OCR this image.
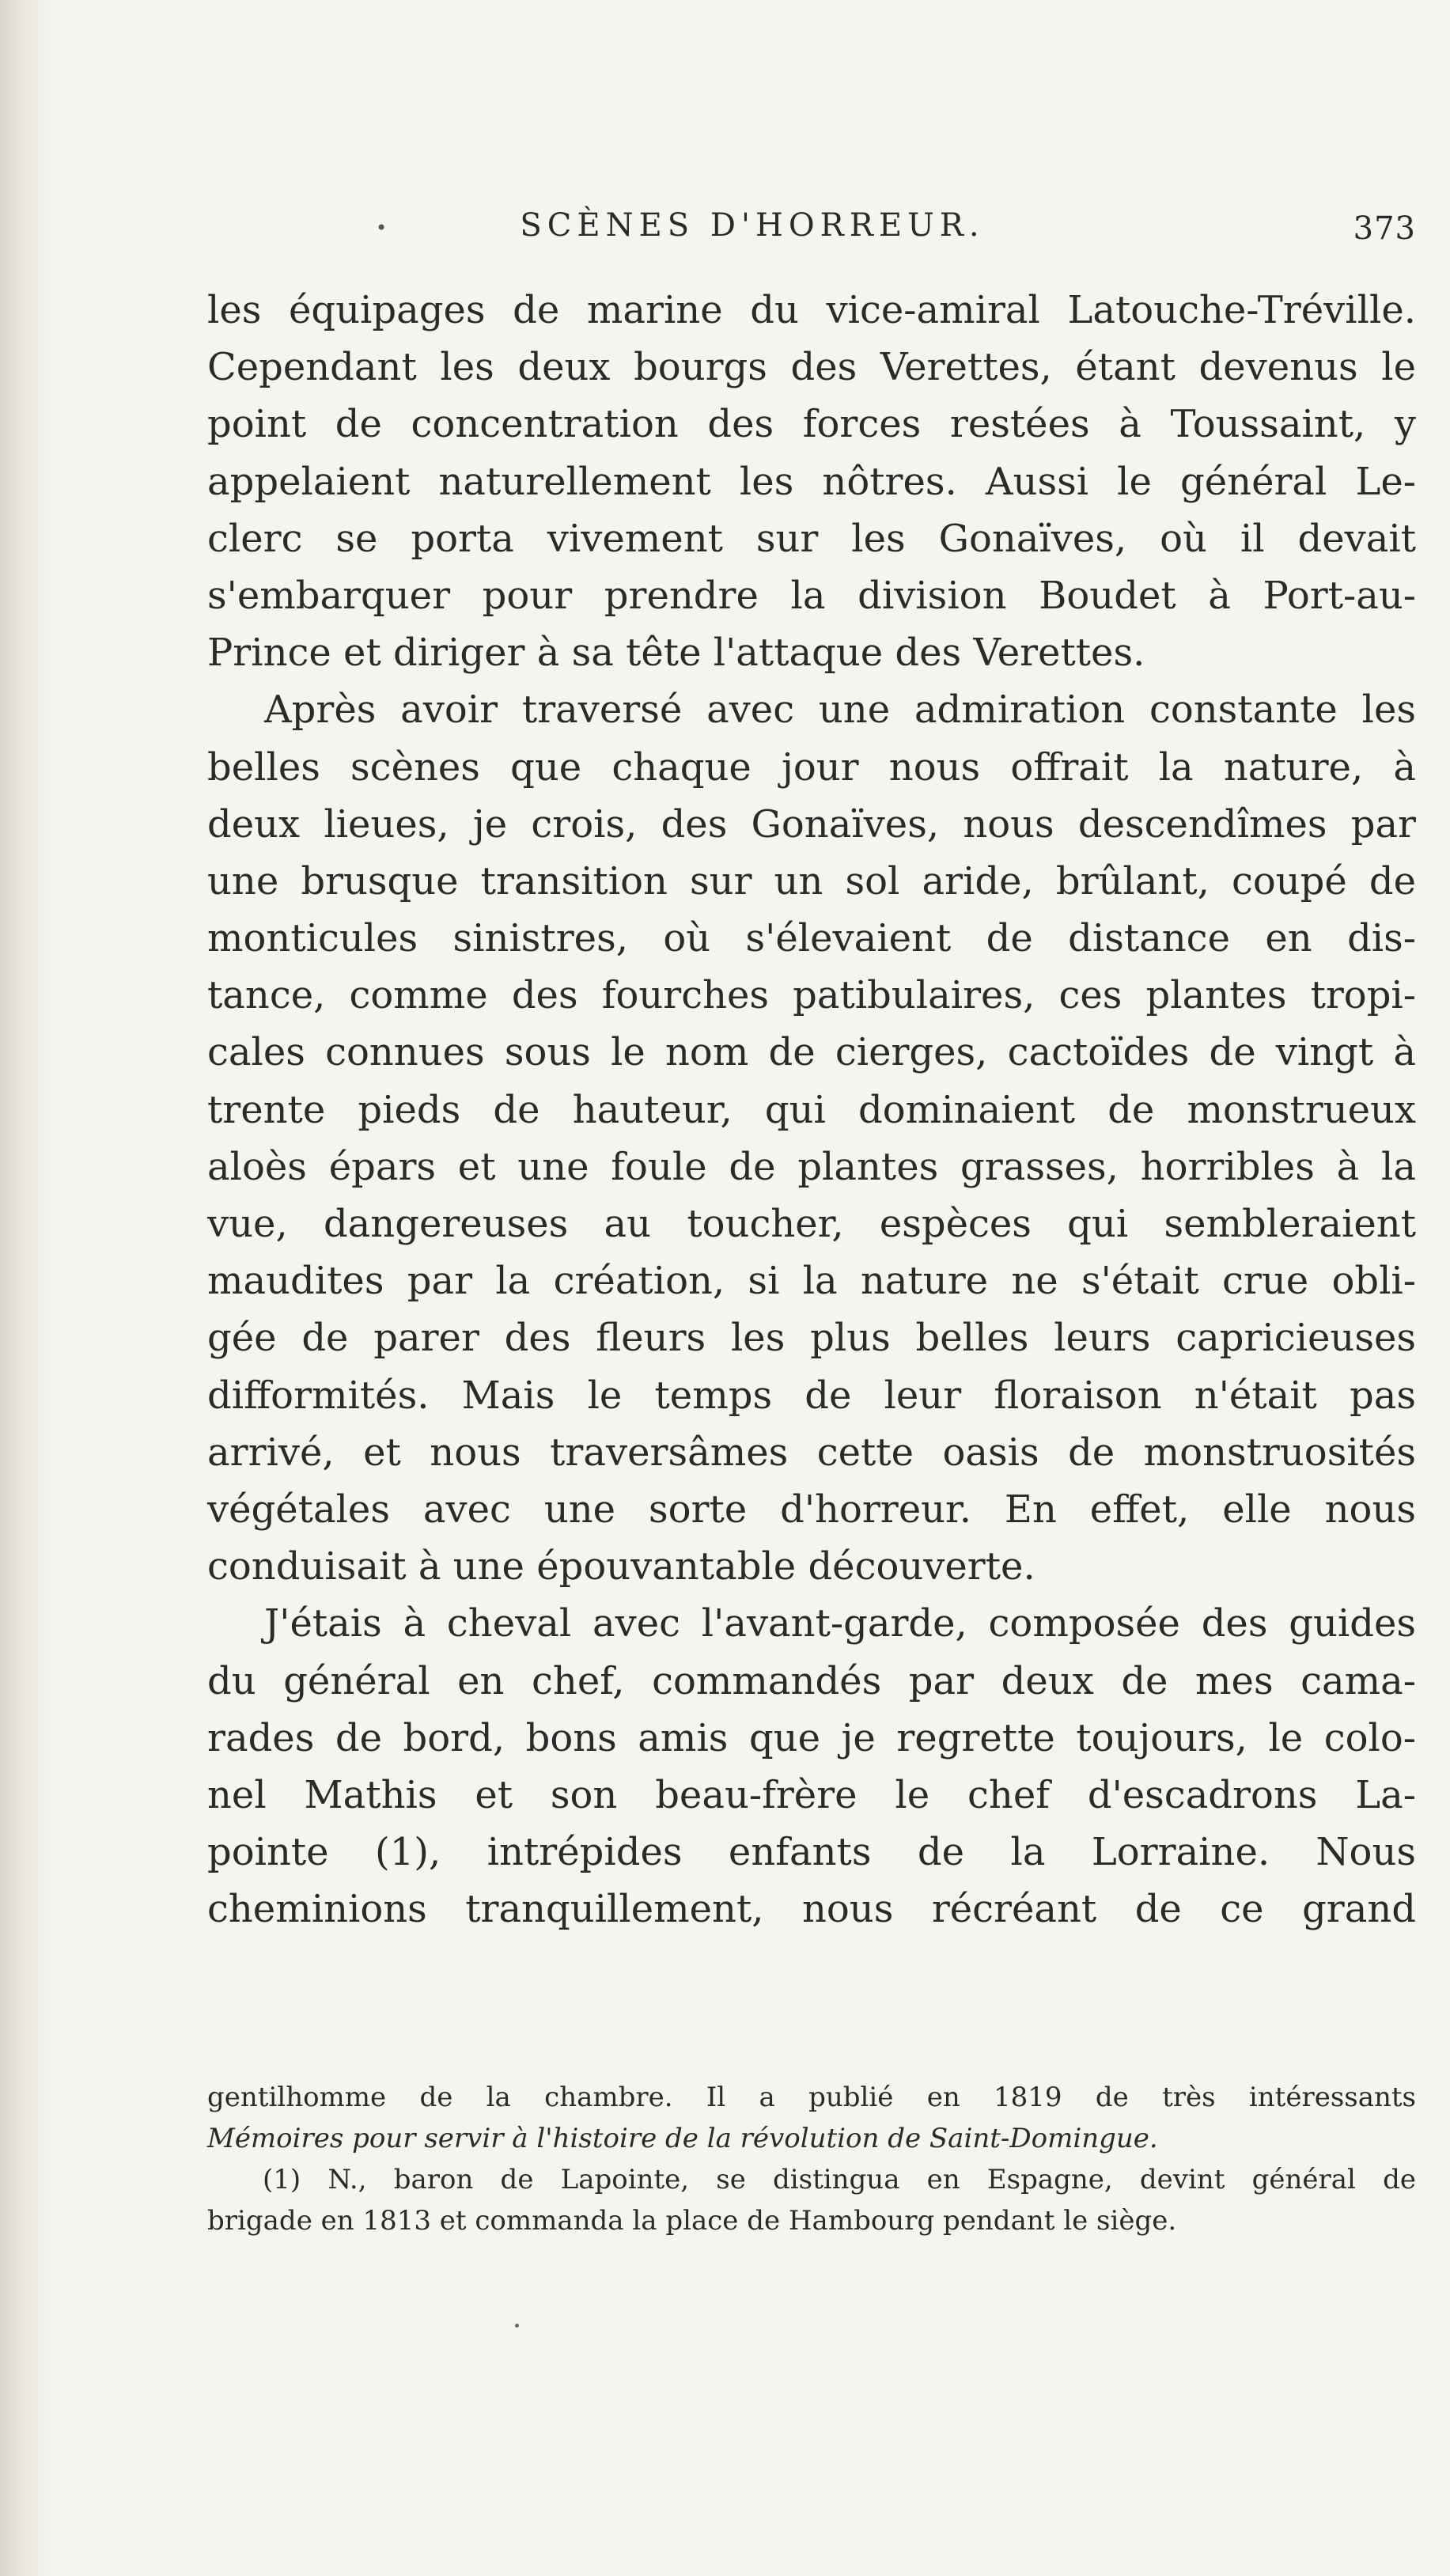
•	SCÈNES D'HORREUR.	373
les équipages de marine du vice-amiral Latouche-Tréville.
Cependant les deux bourgs des Verettes, étant devenus le
point de concentration des forces restées à Toussaint, y
appelaient naturellement les nôtres. Aussi le général Le-
clerc se porta vivement sur les Gonaïves, où il devait
s'embarquer pour prendre la division Boudet à Port-au-
Prince et diriger à sa tête l'attaque des Verettes.
Après avoir traversé avec une admiration constante les
belles scènes que chaque jour nous offrait la nature, à
deux lieues, je crois, des Gonaïves, nous descendîmes par
une brusque transition sur un sol aride, brûlant, coupé de
monticules sinistres, où s'élevaient de distance en dis-
tance, comme des fourches patibulaires, ces plantes tropi-
cales connues sous le nom de cierges, cactoïdes de vingt à
trente pieds de hauteur, qui dominaient de monstrueux
aloès épars et une foule de plantes grasses, horribles à la
vue, dangereuses au toucher, espèces qui sembleraient
maudites par la création, si la nature ne s'était crue obli-
gée de parer des fleurs les plus belles leurs capricieuses
difformités. Mais le temps de leur floraison n'était pas
arrivé, et nous traversâmes cette oasis de monstruosités
végétales avec une sorte d'horreur. En effet, elle nous
conduisait à une épouvantable découverte.
J'étais à cheval avec l'avant-garde, composée des guides
du général en chef, commandés par deux de mes cama-
rades de bord, bons amis que je regrette toujours, le colo-
nel Mathis et son beau-frère le chef d'escadrons La-
pointe (1), intrépides enfants de la Lorraine. Nous
cheminions tranquillement, nous récréant de ce grand
gentilhomme de la chambre. Il a publié en 1819 de très intéressants
Mémoires pour servir à l'histoire de la révolution de Saint-Domingue.
(1) N., baron de Lapointe, se distingua en Espagne, devint général de
brigade en 1813 et commanda la place de Hambourg pendant le siège.
